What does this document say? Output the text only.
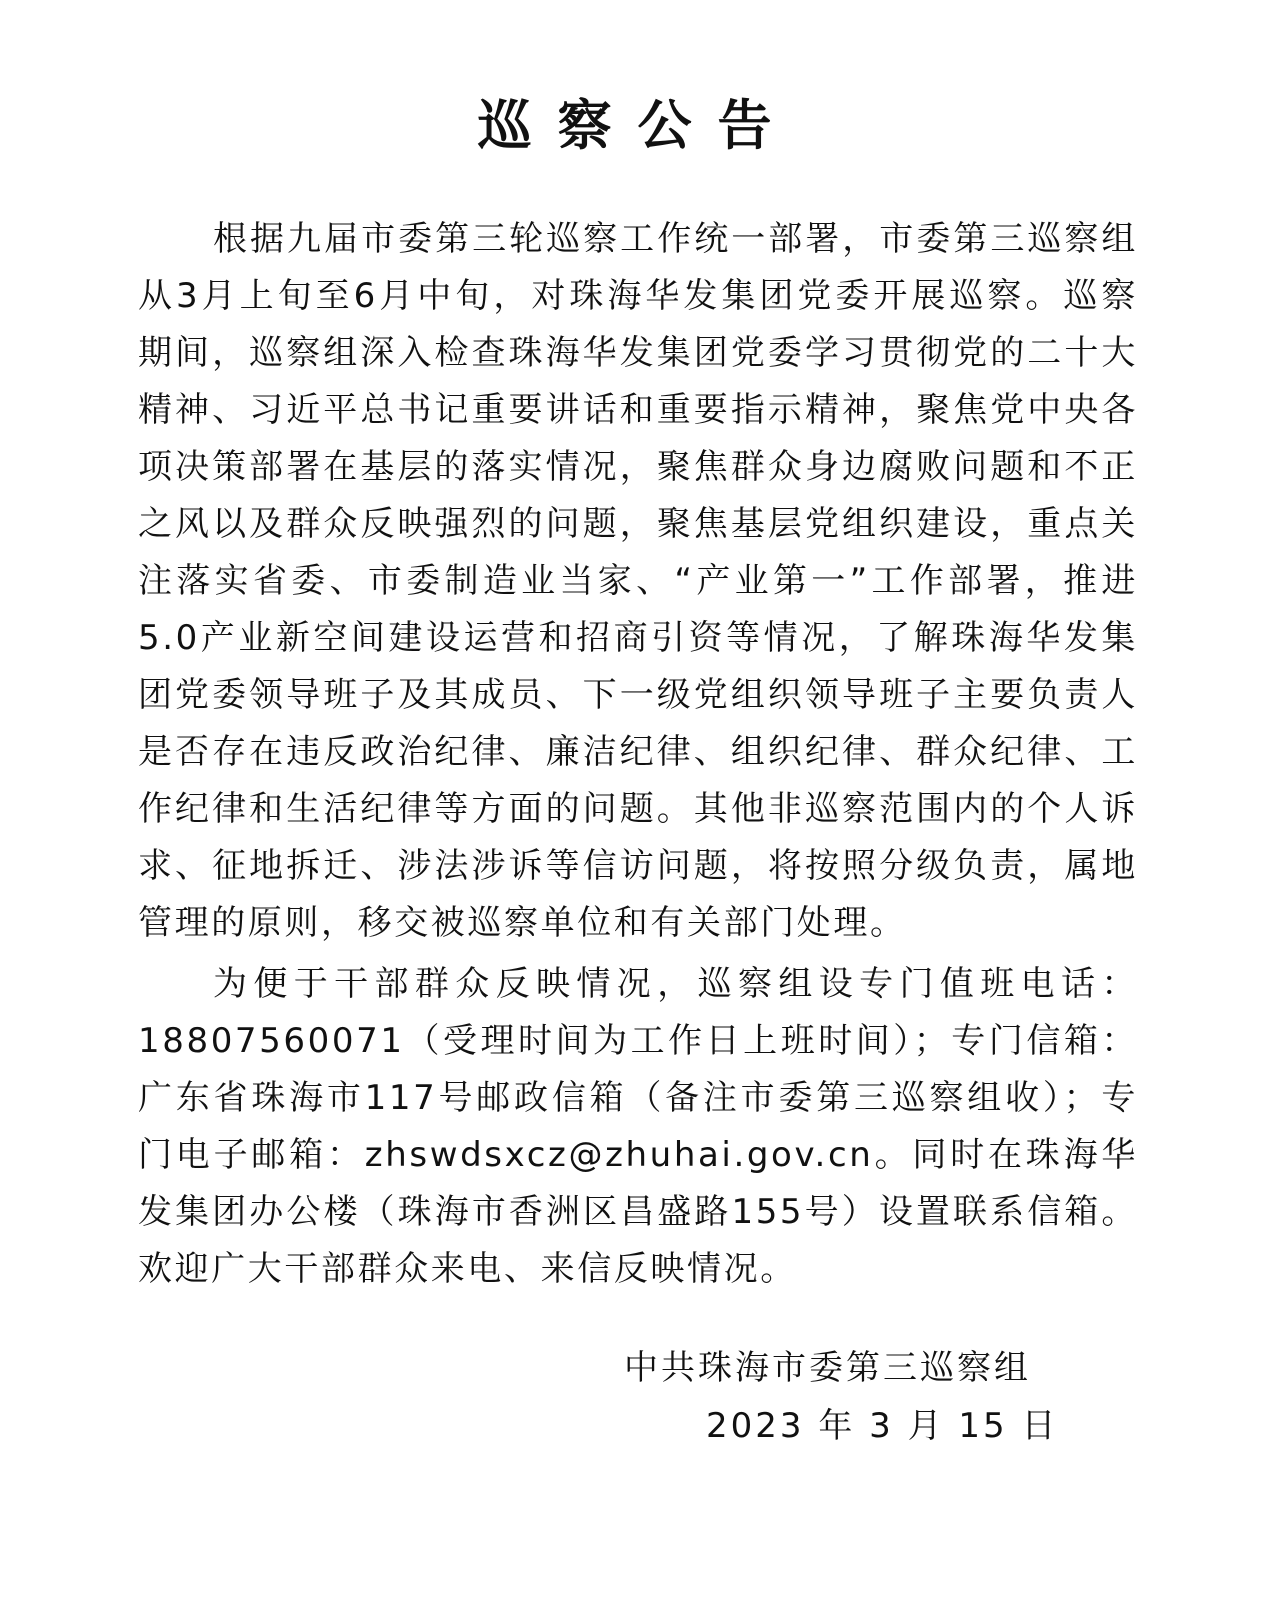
巡察公告

根据九届市委第三轮巡察工作统一部署，市委第三巡察组从3月上旬至6月中旬，对珠海华发集团党委开展巡察。巡察期间，巡察组深入检查珠海华发集团党委学习贯彻党的二十大精神、习近平总书记重要讲话和重要指示精神，聚焦党中央各项决策部署在基层的落实情况，聚焦群众身边腐败问题和不正之风以及群众反映强烈的问题，聚焦基层党组织建设，重点关注落实省委、市委制造业当家、“产业第一”工作部署，推进5.0产业新空间建设运营和招商引资等情况，了解珠海华发集团党委领导班子及其成员、下一级党组织领导班子主要负责人是否存在违反政治纪律、廉洁纪律、组织纪律、群众纪律、工作纪律和生活纪律等方面的问题。其他非巡察范围内的个人诉求、征地拆迁、涉法涉诉等信访问题，将按照分级负责，属地管理的原则，移交被巡察单位和有关部门处理。

为便于干部群众反映情况，巡察组设专门值班电话：18807560071（受理时间为工作日上班时间）；专门信箱：广东省珠海市117号邮政信箱（备注市委第三巡察组收）；专门电子邮箱：zhswdsxcz@zhuhai.gov.cn。同时在珠海华发集团办公楼（珠海市香洲区昌盛路155号）设置联系信箱。欢迎广大干部群众来电、来信反映情况。

中共珠海市委第三巡察组

2023 年 3 月 15 日
